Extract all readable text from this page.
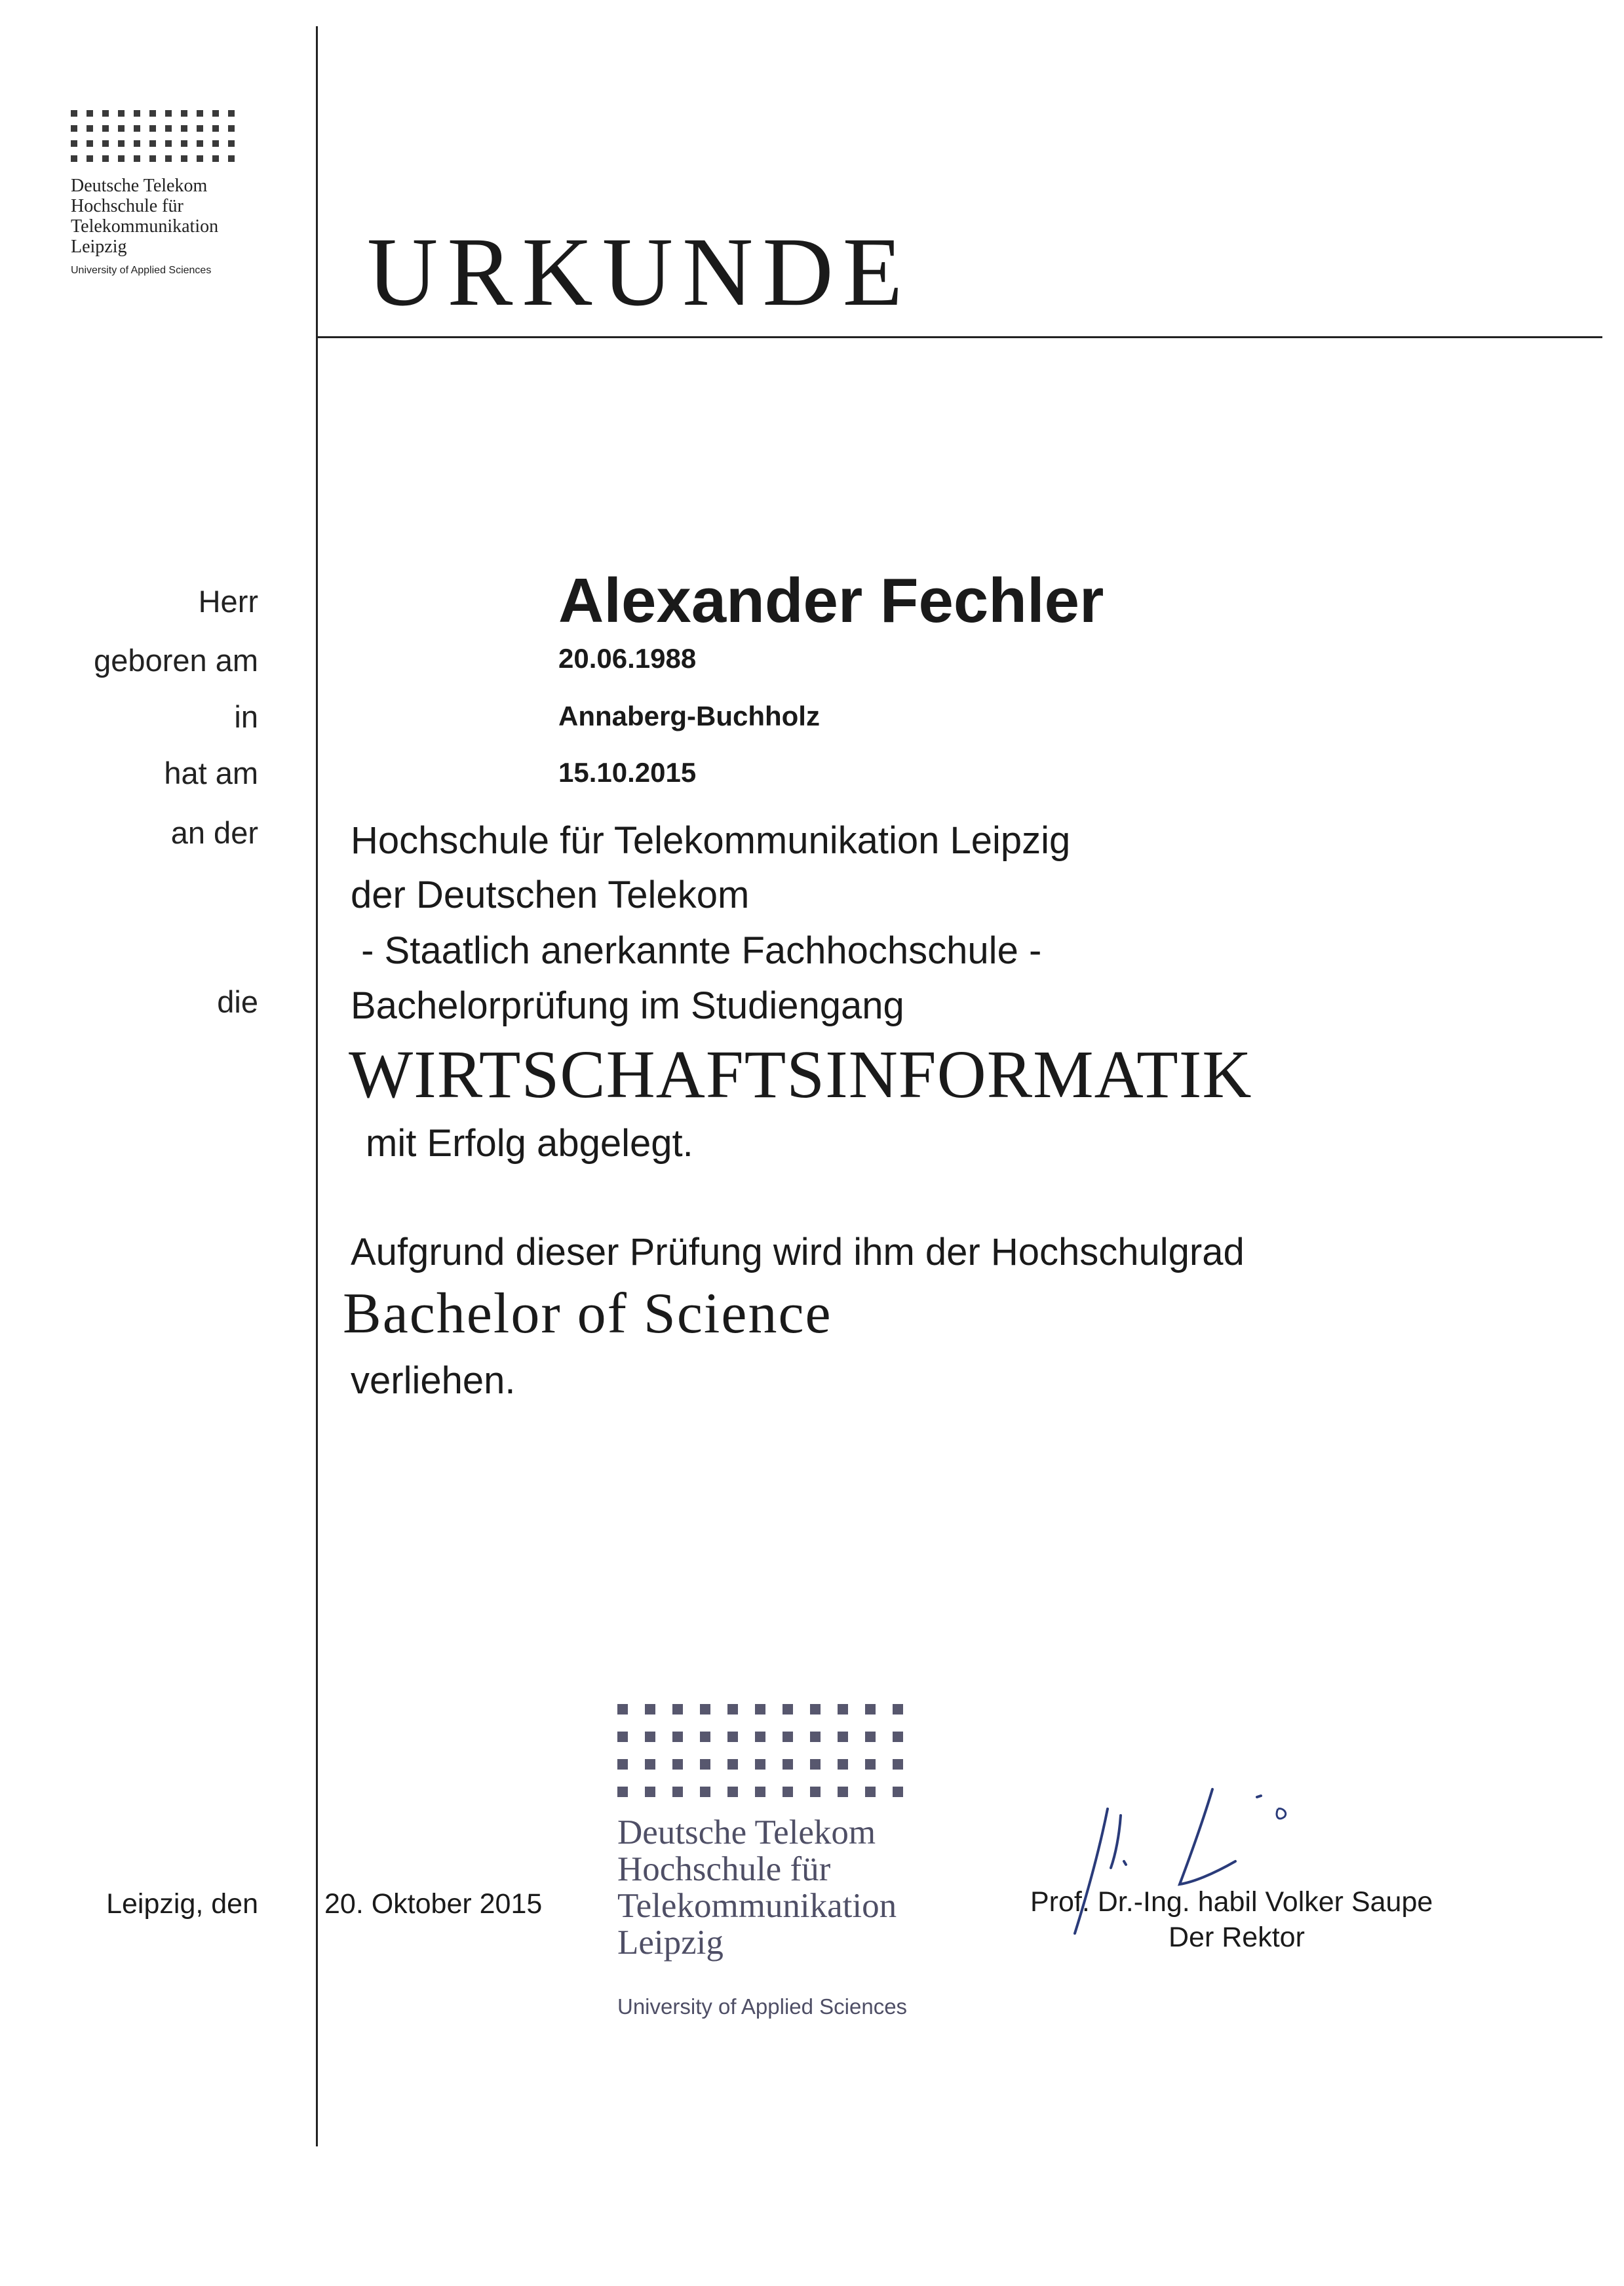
Deutsche Telekom
Hochschule für
Telekommunikation
Leipzig
University of Applied Sciences URKUNDE
Herr
geboren am
in
hat am
an der
die
Alexander Fechler
20.06.1988
Annaberg-Buchholz
15.10.2015
Hochschule für Telekommunikation Leipzig
der Deutschen Telekom
- Staatlich anerkannte Fachhochschule -
Bachelorprüfung im Studiengang
WIRTSCHAFTSINFORMATIK
mit Erfolg abgelegt.
Aufgrund dieser Prüfung wird ihm der Hochschulgrad
Bachelor of Science
verliehen.
Leipzig, den 20. Oktober 2015
Deutsche Telekom
Hochschule für
Telekommunikation
Leipzig
University of Applied Sciences
Prof. Dr.-Ing. habil Volker Saupe
Der Rektor
